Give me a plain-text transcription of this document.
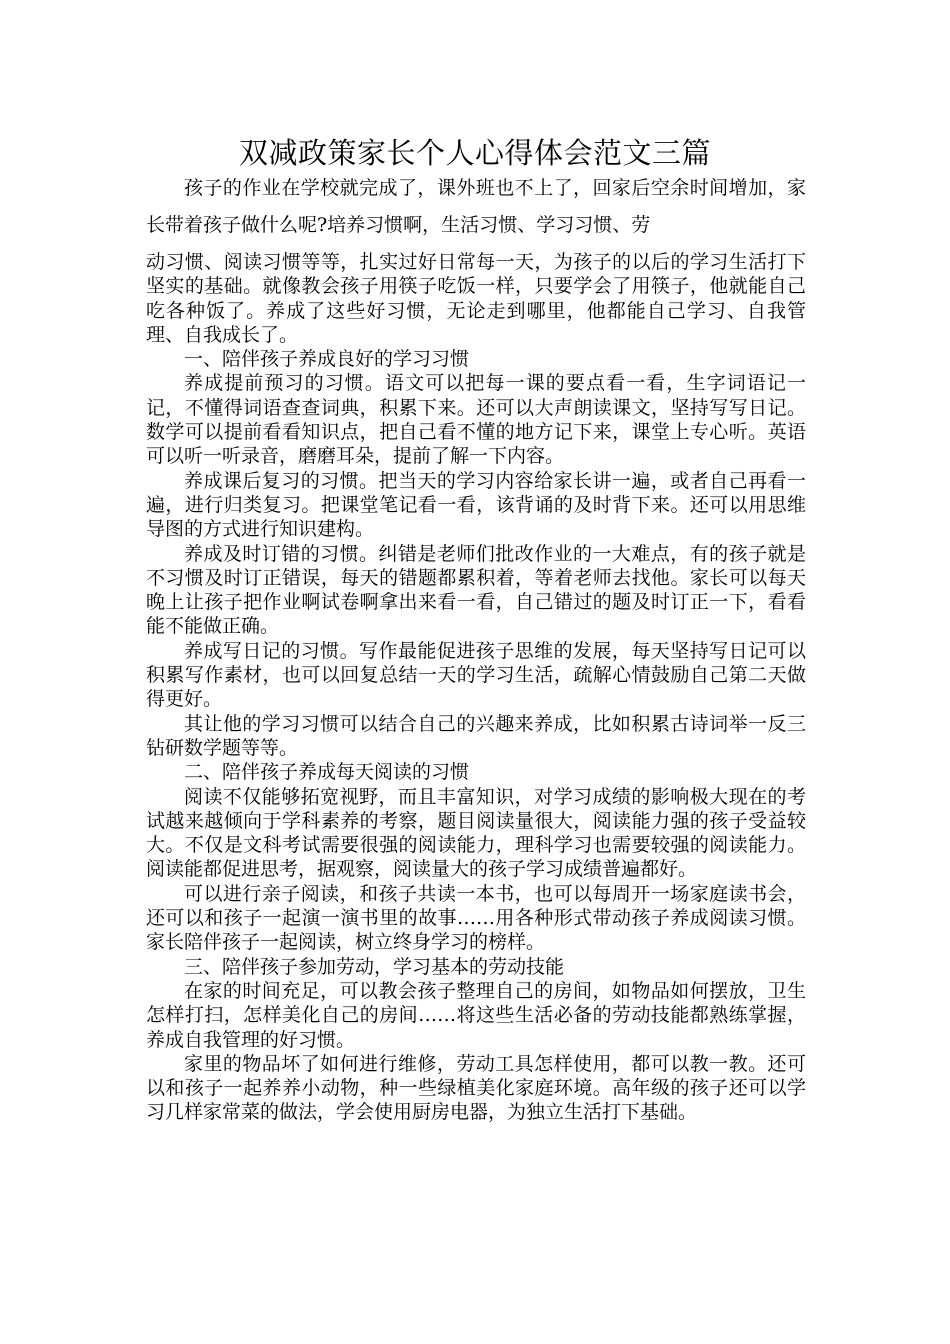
双减政策家长个人心得体会范文三篇

孩子的作业在学校就完成了，课外班也不上了，回家后空余时间增加，家长带着孩子做什么呢?培养习惯啊，生活习惯、学习习惯、劳

动习惯、阅读习惯等等，扎实过好日常每一天，为孩子的以后的学习生活打下坚实的基础。就像教会孩子用筷子吃饭一样，只要学会了用筷子，他就能自己吃各种饭了。养成了这些好习惯，无论走到哪里，他都能自己学习、自我管理、自我成长了。

一、陪伴孩子养成良好的学习习惯

养成提前预习的习惯。语文可以把每一课的要点看一看，生字词语记一记，不懂得词语查查词典，积累下来。还可以大声朗读课文，坚持写写日记。数学可以提前看看知识点，把自己看不懂的地方记下来，课堂上专心听。英语可以听一听录音，磨磨耳朵，提前了解一下内容。

养成课后复习的习惯。把当天的学习内容给家长讲一遍，或者自己再看一遍，进行归类复习。把课堂笔记看一看，该背诵的及时背下来。还可以用思维导图的方式进行知识建构。

养成及时订错的习惯。纠错是老师们批改作业的一大难点，有的孩子就是不习惯及时订正错误，每天的错题都累积着，等着老师去找他。家长可以每天晚上让孩子把作业啊试卷啊拿出来看一看，自己错过的题及时订正一下，看看能不能做正确。

养成写日记的习惯。写作最能促进孩子思维的发展，每天坚持写日记可以积累写作素材，也可以回复总结一天的学习生活，疏解心情鼓励自己第二天做得更好。

其让他的学习习惯可以结合自己的兴趣来养成，比如积累古诗词举一反三钻研数学题等等。

二、陪伴孩子养成每天阅读的习惯

阅读不仅能够拓宽视野，而且丰富知识，对学习成绩的影响极大现在的考试越来越倾向于学科素养的考察，题目阅读量很大，阅读能力强的孩子受益较大。不仅是文科考试需要很强的阅读能力，理科学习也需要较强的阅读能力。阅读能都促进思考，据观察，阅读量大的孩子学习成绩普遍都好。

可以进行亲子阅读，和孩子共读一本书，也可以每周开一场家庭读书会，还可以和孩子一起演一演书里的故事……用各种形式带动孩子养成阅读习惯。家长陪伴孩子一起阅读，树立终身学习的榜样。

三、陪伴孩子参加劳动，学习基本的劳动技能

在家的时间充足，可以教会孩子整理自己的房间，如物品如何摆放，卫生怎样打扫，怎样美化自己的房间……将这些生活必备的劳动技能都熟练掌握，养成自我管理的好习惯。

家里的物品坏了如何进行维修，劳动工具怎样使用，都可以教一教。还可以和孩子一起养养小动物，种一些绿植美化家庭环境。高年级的孩子还可以学习几样家常菜的做法，学会使用厨房电器，为独立生活打下基础。
